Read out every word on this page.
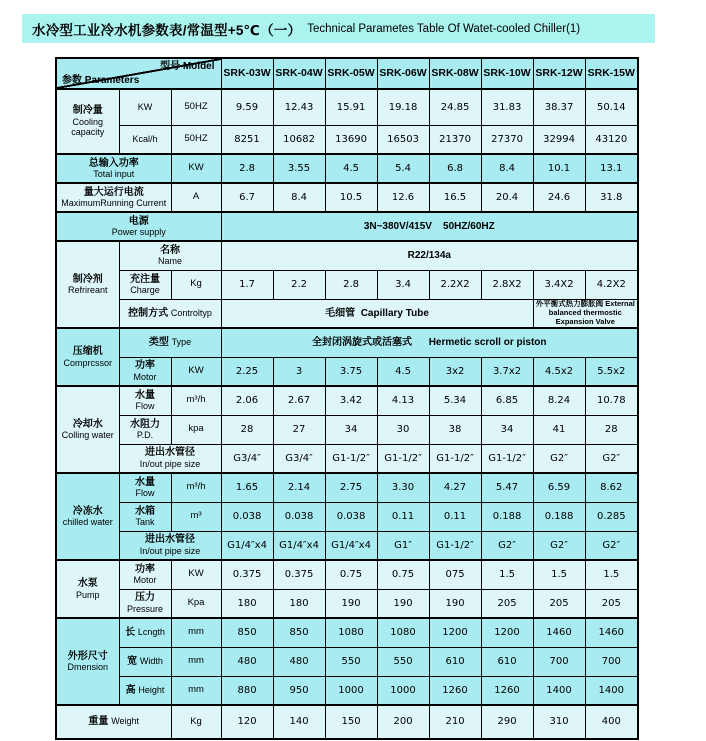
水冷型工业冷水机参数表/常温型+5℃（一） Technical Parametes Table Of Watet-cooled Chiller(1)
型号 Moldel
参数 Parameters			SRK-03W	SRK-04W	SRK-05W	SRK-06W	SRK-08W	SRK-10W	SRK-12W	SRK-15W

制冷量
Cooling capacity	KW	50HZ	9.59	12.43	15.91	19.18	24.85	31.83	38.37	50.14

	Kcal/h	50HZ	8251	10682	13690	16503	21370	27370	32994	43120

总输入功率
Total input		KW	2.8	3.55	4.5	5.4	6.8	8.4	10.1	13.1

量大运行电流
MaximumRunning Current		A	6.7	8.4	10.5	12.6	16.5	20.4	24.6	31.8

电源
Power supply			3N~380V/415V    50HZ/60HZ							

制冷剂
Refrireant	名称
Name		R22/134a							

	充注量
Charge	Kg	1.7	2.2	2.8	3.4	2.2X2	2.8X2	3.4X2	4.2X2
	控制方式 Controltyp		毛细管  Capillary Tube						外平衡式热力膨胀阀 External balanced thermostic Expansion Valve	

压缩机
Comprcssor	类型 Type		全封闭涡旋式或活塞式      Hermetic scroll or piston							

	功率
Motor	KW	2.25	3	3.75	4.5	3x2	3.7x2	4.5x2	5.5x2

冷却水
Colling water	水量
Flow	m³/h	2.06	2.67	3.42	4.13	5.34	6.85	8.24	10.78

	水阻力
P.D.	kpa	28	27	34	30	38	34	41	28

	进出水管径
In/out pipe size		G3/4″	G3/4″	G1-1/2″	G1-1/2″	G1-1/2″	G1-1/2″	G2″	G2″

冷冻水
chilled water	水量
Flow	m³/h	1.65	2.14	2.75	3.30	4.27	5.47	6.59	8.62

	水箱
Tank	m³	0.038	0.038	0.038	0.11	0.11	0.188	0.188	0.285

	进出水管径
In/out pipe size		G1/4″x4	G1/4″x4	G1/4″x4	G1″	G1-1/2″	G2″	G2″	G2″

水泵
Pump	功率
Motor	KW	0.375	0.375	0.75	0.75	075	1.5	1.5	1.5

	压力
Pressure	Kpa	180	180	190	190	190	205	205	205

外形尺寸
Dmension	长 Lcngth	mm	850	850	1080	1080	1200	1200	1460	1460
	宽 Width	mm	480	480	550	550	610	610	700	700
	高 Height	mm	880	950	1000	1000	1260	1260	1400	1400
重量 Weight		Kg	120	140	150	200	210	290	310	400
